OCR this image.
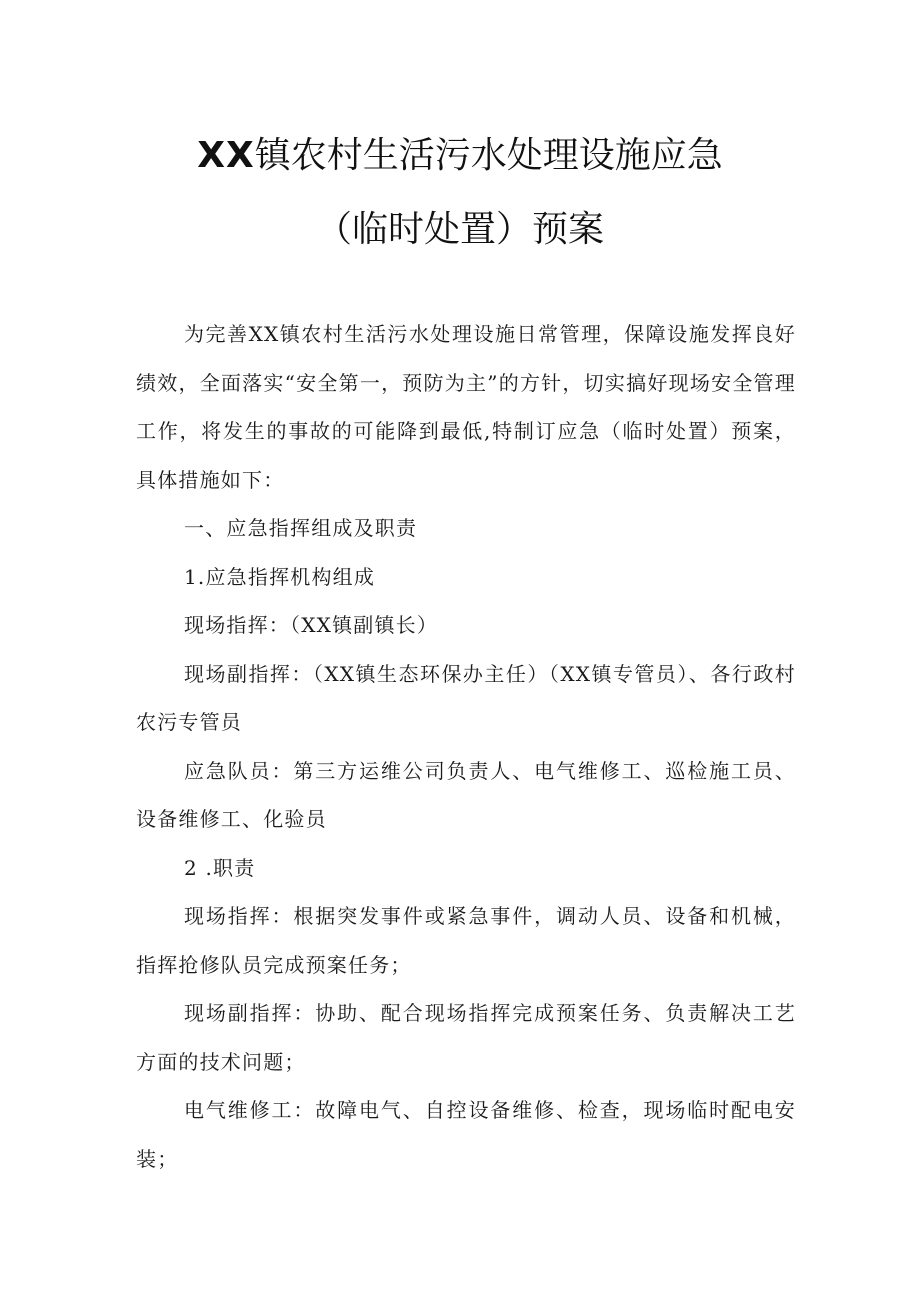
XX镇农村生活污水处理设施应急
（临时处置）预案

为完善XX镇农村生活污水处理设施日常管理，保障设施发挥良好绩效，全面落实“安全第一，预防为主”的方针，切实搞好现场安全管理工作，将发生的事故的可能降到最低,特制订应急（临时处置）预案，具体措施如下：

一、应急指挥组成及职责

1.应急指挥机构组成

现场指挥：（XX镇副镇长）

现场副指挥：（XX镇生态环保办主任）（XX镇专管员）、各行政村农污专管员

应急队员：第三方运维公司负责人、电气维修工、巡检施工员、设备维修工、化验员

2 .职责

现场指挥：根据突发事件或紧急事件，调动人员、设备和机械，指挥抢修队员完成预案任务；

现场副指挥：协助、配合现场指挥完成预案任务、负责解决工艺方面的技术问题；

电气维修工：故障电气、自控设备维修、检查，现场临时配电安装；
